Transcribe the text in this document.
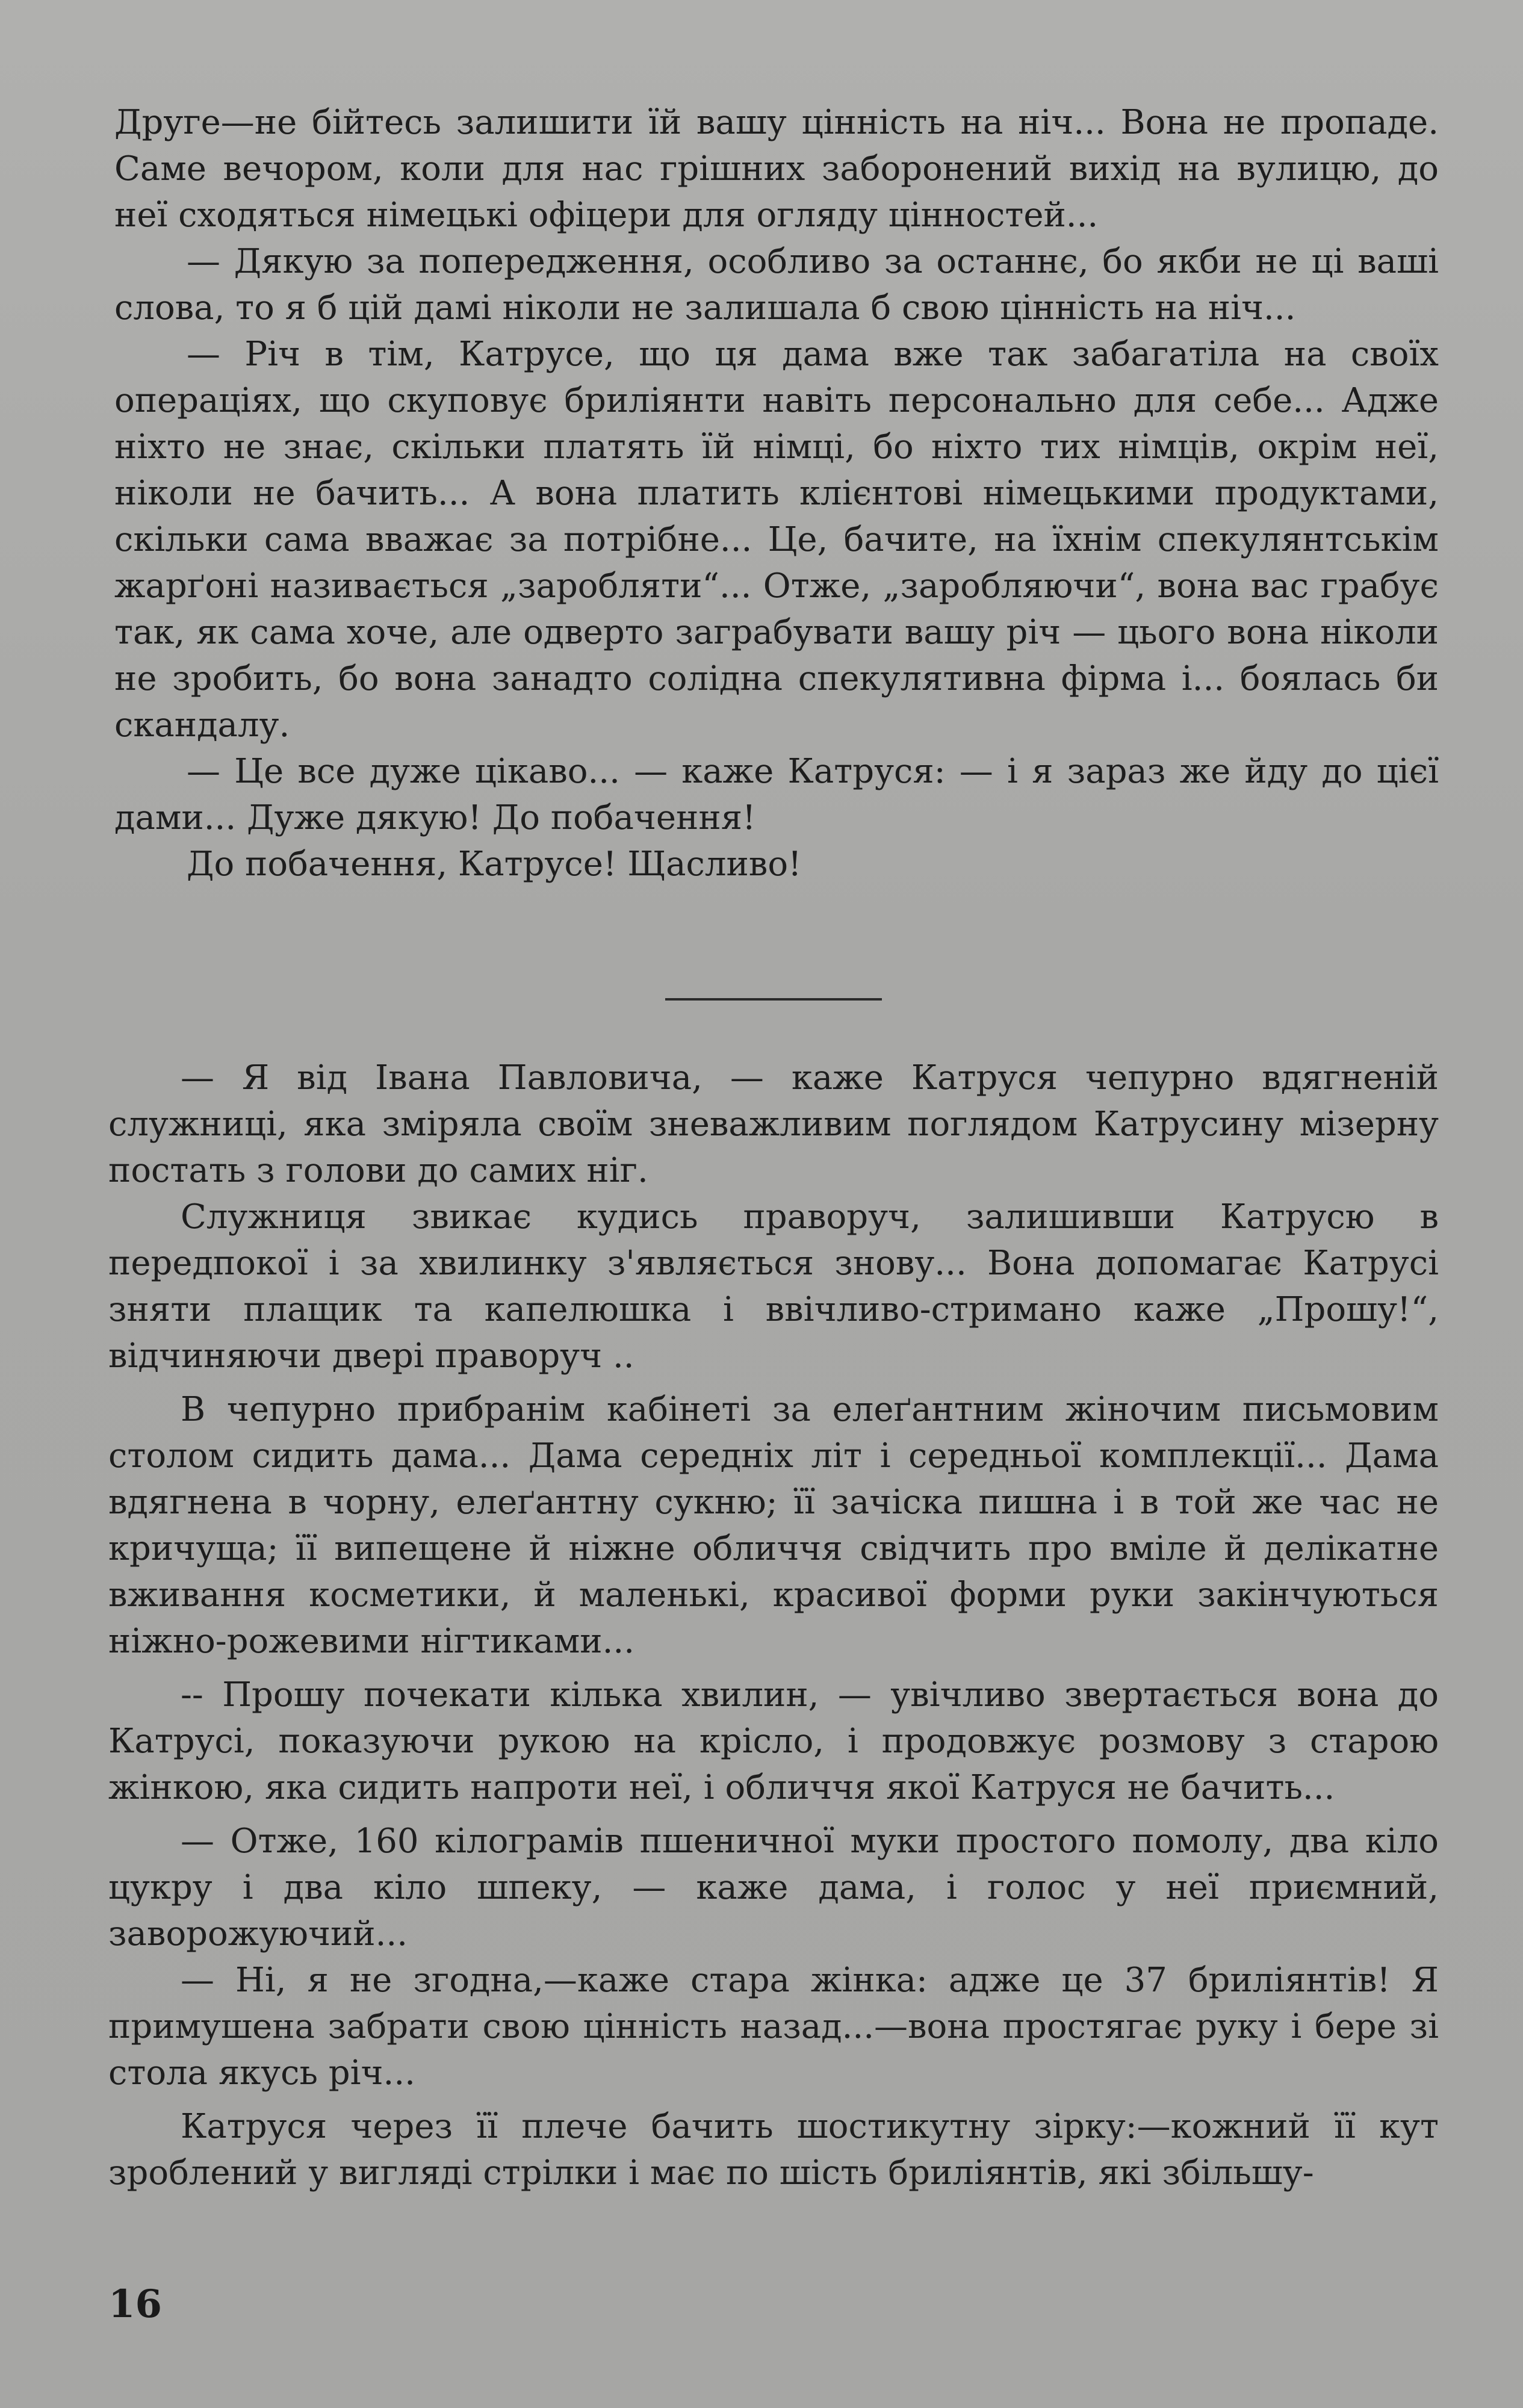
Друге—не бійтесь залишити їй вашу цінність на ніч... Вона не пропаде. Саме вечором, коли для нас грішних заборонений вихід на вулицю, до неї сходяться німецькі офіцери для огляду цінностей...

— Дякую за попередження, особливо за останнє, бо якби не ці ваші слова, то я б цій дамі ніколи не залишала б свою цінність на ніч...

— Річ в тім, Катрусе, що ця дама вже так забагатіла на своїх операціях, що скуповує бриліянти навіть персонально для себе... Адже ніхто не знає, скільки платять їй німці, бо ніхто тих німців, окрім неї, ніколи не бачить... А вона платить клієнтові німецькими продуктами, скільки сама вважає за потрібне... Це, бачите, на їхнім спекулянтськім жарґоні називається „заробляти“... Отже, „заробляючи“, вона вас грабує так, як сама хоче, але одверто заграбувати вашу річ — цього вона ніколи не зробить, бо вона занадто солідна спекулятивна фірма і... боялась би скандалу.

— Це все дуже цікаво... — каже Катруся: — і я зараз же йду до цієї дами... Дуже дякую! До побачення!

До побачення, Катрусе! Щасливо!

— Я від Івана Павловича, — каже Катруся чепурно вдягненій служниці, яка зміряла своїм зневажливим поглядом Катрусину мізерну постать з голови до самих ніг.

Служниця звикає кудись праворуч, залишивши Катрусю в передпокої і за хвилинку з'являється знову... Вона допомагає Катрусі зняти плащик та капелюшка і ввічливо-стримано каже „Прошу!“, відчиняючи двері праворуч ..

В чепурно прибранім кабінеті за елеґантним жіночим письмовим столом сидить дама... Дама середніх літ і середньої комплекції... Дама вдягнена в чорну, елеґантну сукню; її зачіска пишна і в той же час не кричуща; її випещене й ніжне обличчя свідчить про вміле й делікатне вживання косметики, й маленькі, красивої форми руки закінчуються ніжно-рожевими нігтиками...

-- Прошу почекати кілька хвилин, — увічливо звертається вона до Катрусі, показуючи рукою на крісло, і продовжує розмову з старою жінкою, яка сидить напроти неї, і обличчя якої Катруся не бачить...

— Отже, 160 кілограмів пшеничної муки простого помолу, два кіло цукру і два кіло шпеку, — каже дама, і голос у неї приємний, заворожуючий...

— Ні, я не згодна,—каже стара жінка: адже це 37 бриліянтів! Я примушена забрати свою цінність назад...—вона простягає руку і бере зі стола якусь річ...

Катруся через її плече бачить шостикутну зірку:—кожний її кут зроблений у вигляді стрілки і має по шість бриліянтів, які збільшу-

16
